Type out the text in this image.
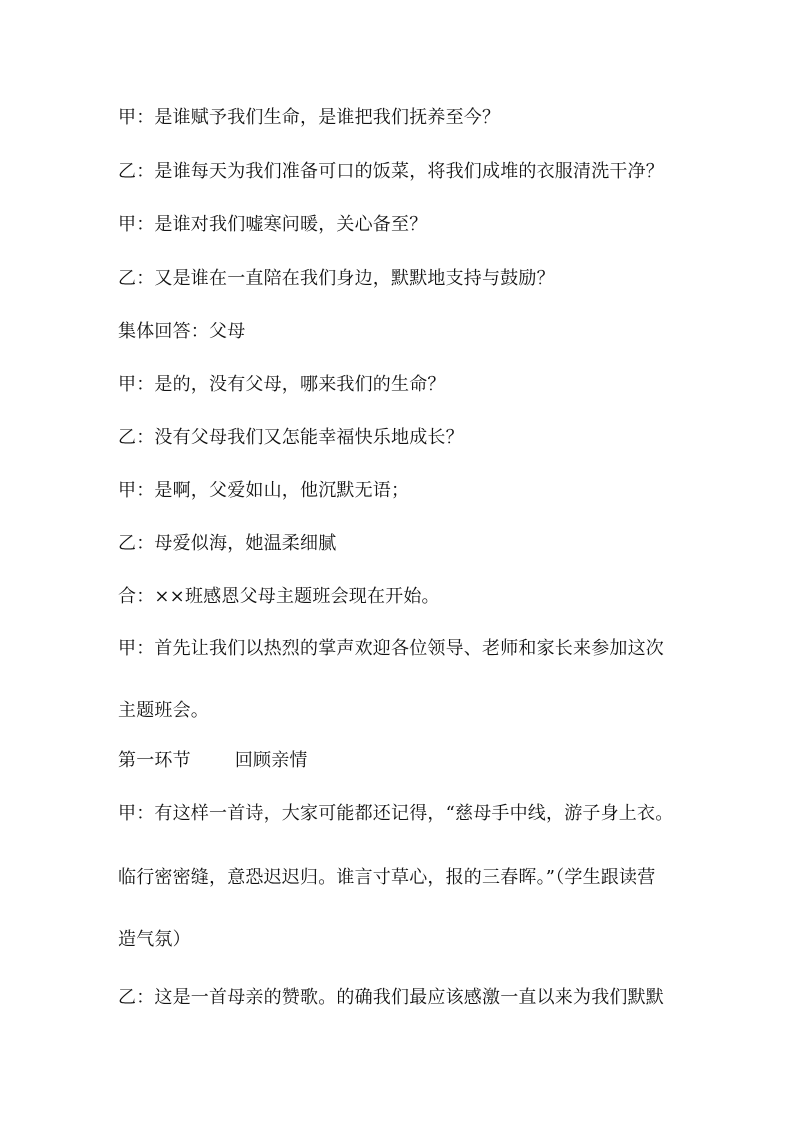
甲：是谁赋予我们生命，是谁把我们抚养至今？
乙：是谁每天为我们准备可口的饭菜，将我们成堆的衣服清洗干净？
甲：是谁对我们嘘寒问暖，关心备至？
乙：又是谁在一直陪在我们身边，默默地支持与鼓励？
集体回答：父母
甲：是的，没有父母，哪来我们的生命？
乙：没有父母我们又怎能幸福快乐地成长？
甲：是啊，父爱如山，他沉默无语；
乙：母爱似海，她温柔细腻
合：××班感恩父母主题班会现在开始。
甲：首先让我们以热烈的掌声欢迎各位领导、老师和家长来参加这次
主题班会。
第一环节 回顾亲情
甲：有这样一首诗，大家可能都还记得，“慈母手中线，游子身上衣。
临行密密缝，意恐迟迟归。谁言寸草心，报的三春晖。”（学生跟读营
造气氛）
乙：这是一首母亲的赞歌。的确我们最应该感激一直以来为我们默默
